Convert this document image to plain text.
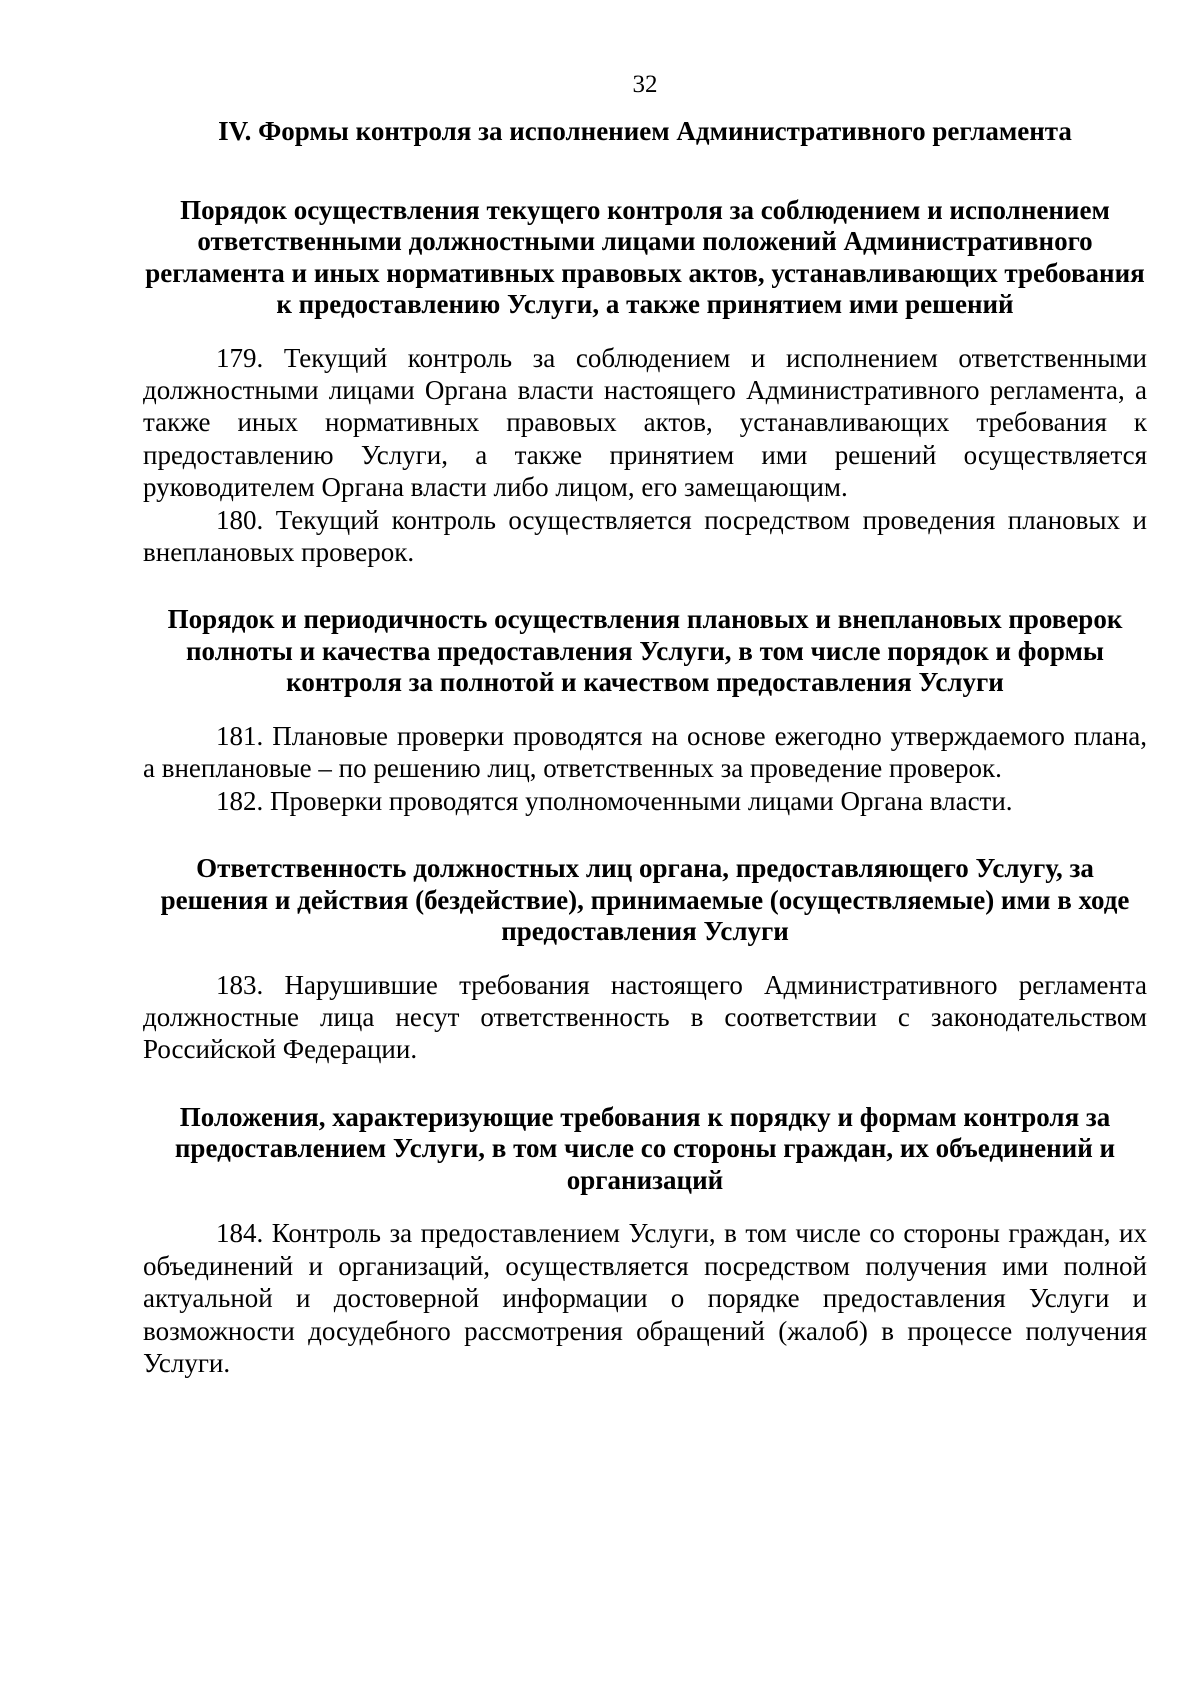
32
IV. Формы контроля за исполнением Административного регламента
Порядок осуществления текущего контроля за соблюдением и исполнением ответственными должностными лицами положений Административного регламента и иных нормативных правовых актов, устанавливающих требования к предоставлению Услуги, а также принятием ими решений

179. Текущий контроль за соблюдением и исполнением ответственными должностными лицами Органа власти настоящего Административного регламента, а также иных нормативных правовых актов, устанавливающих требования к предоставлению Услуги, а также принятием ими решений осуществляется руководителем Органа власти либо лицом, его замещающим.

180. Текущий контроль осуществляется посредством проведения плановых и внеплановых проверок.

Порядок и периодичность осуществления плановых и внеплановых проверок полноты и качества предоставления Услуги, в том числе порядок и формы контроля за полнотой и качеством предоставления Услуги

181. Плановые проверки проводятся на основе ежегодно утверждаемого плана, а внеплановые – по решению лиц, ответственных за проведение проверок.

182. Проверки проводятся уполномоченными лицами Органа власти.

Ответственность должностных лиц органа, предоставляющего Услугу, за решения и действия (бездействие), принимаемые (осуществляемые) ими в ходе предоставления Услуги

183. Нарушившие требования настоящего Административного регламента должностные лица несут ответственность в соответствии с законодательством Российской Федерации.

Положения, характеризующие требования к порядку и формам контроля за предоставлением Услуги, в том числе со стороны граждан, их объединений и организаций

184. Контроль за предоставлением Услуги, в том числе со стороны граждан, их объединений и организаций, осуществляется посредством получения ими полной актуальной и достоверной информации о порядке предоставления Услуги и возможности досудебного рассмотрения обращений (жалоб) в процессе получения Услуги.
